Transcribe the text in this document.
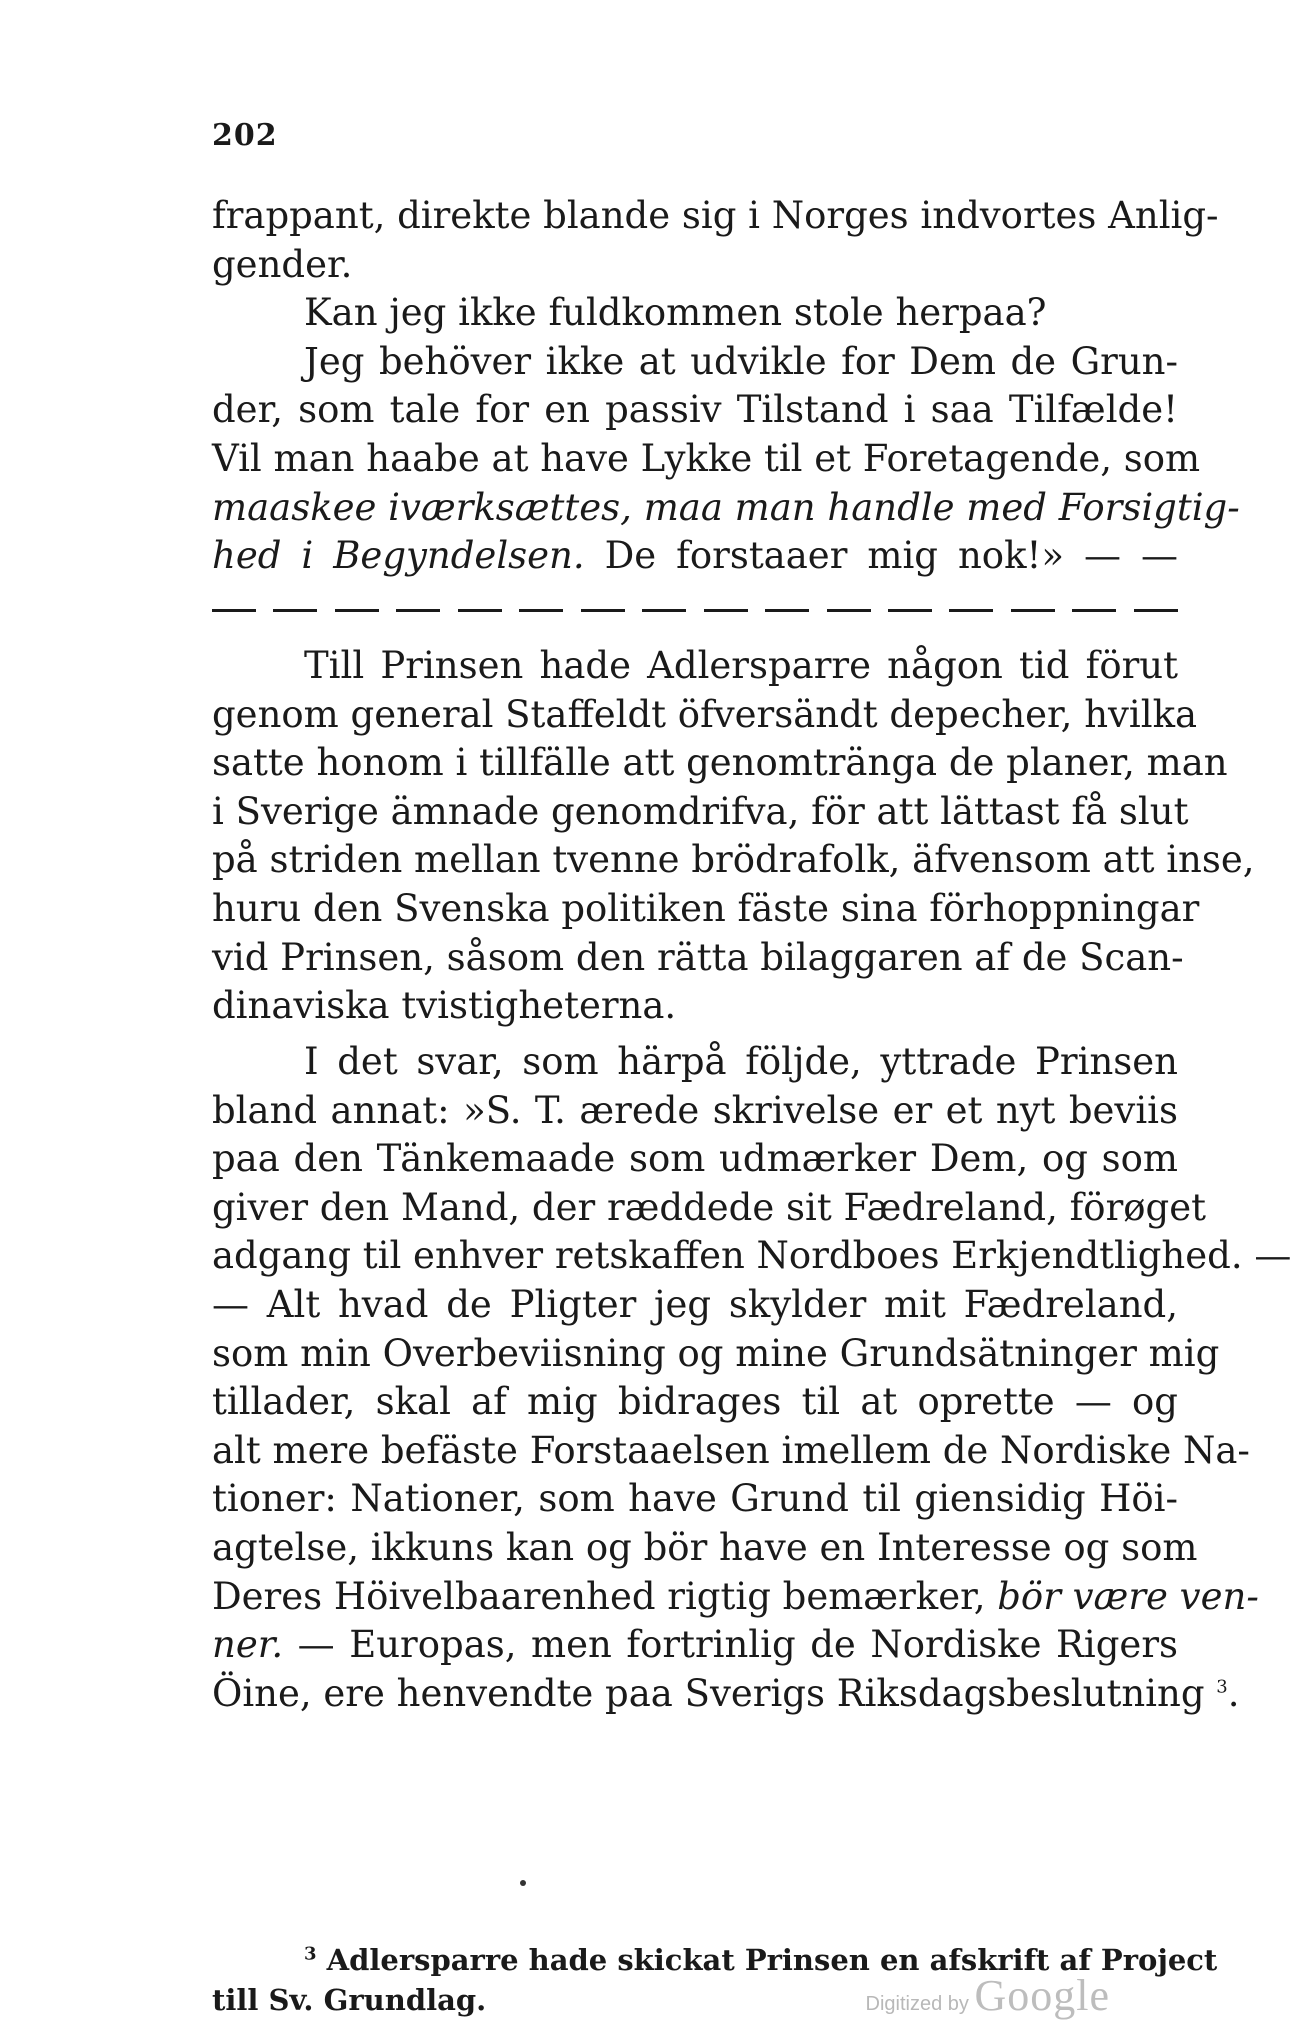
202
frappant, direkte blande sig i Norges indvortes Anlig-
gender.
Kan jeg ikke fuldkommen stole herpaa?
Jeg behöver ikke at udvikle for Dem de Grun-
der, som tale for en passiv Tilstand i saa Tilfælde!
Vil man haabe at have Lykke til et Foretagende, som
maaskee iværksættes, maa man handle med Forsigtig-
hed i Begyndelsen. De forstaaer mig nok!» — —
Till Prinsen hade Adlersparre någon tid förut
genom general Staffeldt öfversändt depecher, hvilka
satte honom i tillfälle att genomtränga de planer, man
i Sverige ämnade genomdrifva, för att lättast få slut
på striden mellan tvenne brödrafolk, äfvensom att inse,
huru den Svenska politiken fäste sina förhoppningar
vid Prinsen, såsom den rätta bilaggaren af de Scan-
dinaviska tvistigheterna.
I det svar, som härpå följde, yttrade Prinsen
bland annat: »S. T. ærede skrivelse er et nyt beviis
paa den Tänkemaade som udmærker Dem, og som
giver den Mand, der ræddede sit Fædreland, förøget
adgang til enhver retskaffen Nordboes Erkjendtlighed. —
— Alt hvad de Pligter jeg skylder mit Fædreland,
som min Overbeviisning og mine Grundsätninger mig
tillader, skal af mig bidrages til at oprette — og
alt mere befäste Forstaaelsen imellem de Nordiske Na-
tioner: Nationer, som have Grund til giensidig Höi-
agtelse, ikkuns kan og bör have en Interesse og som
Deres Höivelbaarenhed rigtig bemærker, bör være ven-
ner. — Europas, men fortrinlig de Nordiske Rigers
Öine, ere henvendte paa Sverigs Riksdagsbeslutning $^3$.
$^3$ Adlersparre hade skickat Prinsen en afskrift af Project
till Sv. Grundlag.	Digitized by Google
